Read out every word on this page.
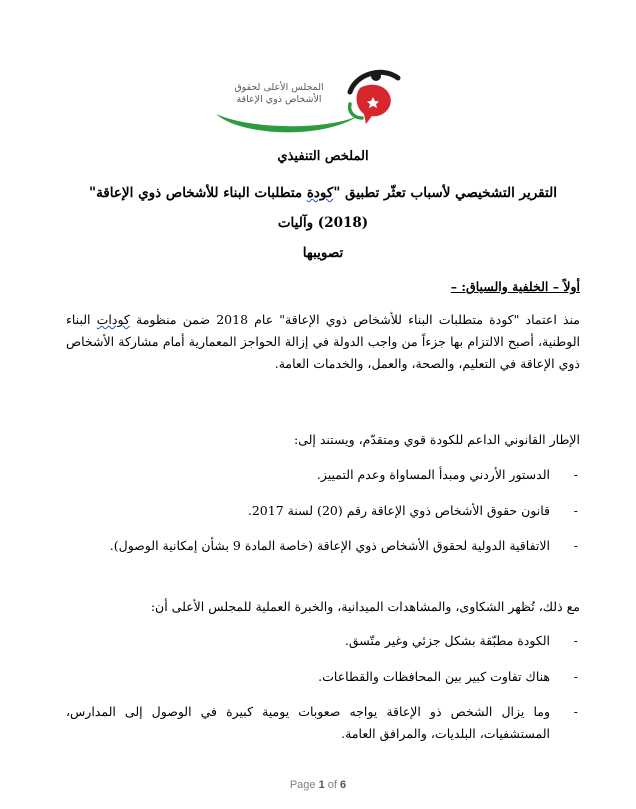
المجلس الأعلى لحقوق
الأشخاص ذوي الإعاقة
الملخص التنفيذي
التقرير التشخيصي لأسباب تعثّر تطبيق "كودة متطلبات البناء للأشخاص ذوي الإعاقة" (2018) وآليات
تصويبها
أولاً – الخلفية والسياق: –
منذ اعتماد "كودة متطلبات البناء للأشخاص ذوي الإعاقة" عام 2018 ضمن منظومة كودات البناء الوطنية، أصبح الالتزام بها جزءاً من واجب الدولة في إزالة الحواجز المعمارية أمام مشاركة الأشخاص ذوي الإعاقة في التعليم، والصحة، والعمل، والخدمات العامة.
الإطار القانوني الداعم للكودة قوي ومتقدّم، ويستند إلى:
-
الدستور الأردني ومبدأ المساواة وعدم التمييز.
-
قانون حقوق الأشخاص ذوي الإعاقة رقم (20) لسنة 2017.
-
الاتفاقية الدولية لحقوق الأشخاص ذوي الإعاقة (خاصة المادة 9 بشأن إمكانية الوصول).
مع ذلك، تُظهر الشكاوى، والمشاهدات الميدانية، والخبرة العملية للمجلس الأعلى أن:
-
الكودة مطبّقة بشكل جزئي وغير متّسق.
-
هناك تفاوت كبير بين المحافظات والقطاعات.
-
وما يزال الشخص ذو الإعاقة يواجه صعوبات يومية كبيرة في الوصول إلى المدارس، المستشفيات، البلديات، والمرافق العامة.
Page 1 of 6
